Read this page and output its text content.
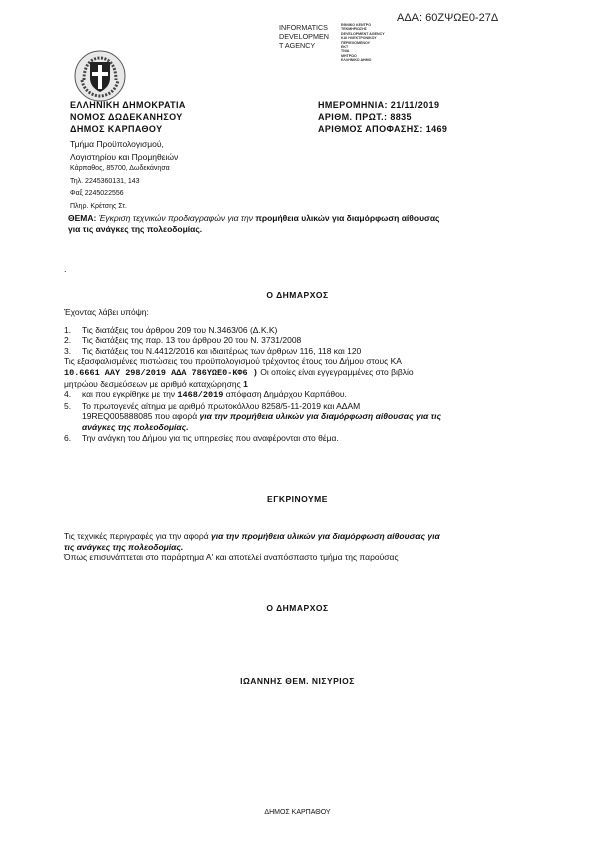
ΑΔΑ: 60ΖΨΩΕ0-27Δ
INFORMATICS
DEVELOPMEN
T AGENCY
ΕΘΝΙΚΟ ΚΕΝΤΡΟ
ΤΕΚΜΗΡΙΩΣΗΣ
DEVELOPMENT AGENCY
ΚΑΙ ΗΛΕΚΤΡΟΝΙΚΟΥ
ΠΕΡΙΕΧΟΜΕΝΟΥ
ΕΚΤ
ΤΝΙΑ
ΜΗΤΡΩΟ
ΕΛΛΗΝΙΚΟ ΔΗΜΟ
ΕΛΛΗΝΙΚΗ ΔΗΜΟΚΡΑΤΙΑ
ΝΟΜΟΣ ΔΩΔΕΚΑΝΗΣΟΥ
ΔΗΜΟΣ ΚΑΡΠΑΘΟΥ
ΗΜΕΡΟΜΗΝΙΑ: 21/11/2019
ΑΡΙΘΜ. ΠΡΩΤ.: 8835
ΑΡΙΘΜΟΣ ΑΠΟΦΑΣΗΣ: 1469
Τμήμα Προϋπολογισμού,
Λογιστηρίου και Προμηθειών
Κάρπαθος, 85700, Δωδεκάνησα
Τηλ. 2245360131, 143
Φαξ 2245022556
Πληρ. Κρέτσης Στ.
ΘΕΜΑ: Έγκριση τεχνικών προδιαγραφών για την προμήθεια υλικών για διαμόρφωση αίθουσας
για τις ανάγκες της πολεοδομίας.
.
Ο ΔΗΜΑΡΧΟΣ
Έχοντας λάβει υπόψη:
1. Τις διατάξεις του άρθρου 209 του Ν.3463/06 (Δ.Κ.Κ)
2. Τις διατάξεις της παρ. 13 του άρθρου 20 του Ν. 3731/2008
3. Τις διατάξεις του Ν.4412/2016 και ιδιαιτέρως των άρθρων 116, 118 και 120
Τις εξασφαλισμένες πιστώσεις του προϋπολογισμού τρέχοντος έτους του Δήμου στους ΚΑ
10.6661 ΑΑΥ 298/2019 ΑΔΑ 786ΥΩΕ0-ΚΦ6 ) Οι οποίες είναι εγγεγραμμένες στο βιβλίο
μητρώου δεσμεύσεων με αριθμό καταχώρησης 1
4. και που εγκρίθηκε με την 1468/2019 απόφαση Δημάρχου Καρπάθου.
5. Το πρωτογενές αίτημα με αριθμό πρωτοκόλλου 8258/5-11-2019 και ΑΔΑΜ
19REQ005888085 που αφορά για την προμήθεια υλικών για διαμόρφωση αίθουσας για τις
ανάγκες της πολεοδομίας.
6. Την ανάγκη του Δήμου για τις υπηρεσίες που αναφέρονται στο θέμα.
ΕΓΚΡΙΝΟΥΜΕ
Τις τεχνικές περιγραφές για την αφορά για την προμήθεια υλικών για διαμόρφωση αίθουσας για
τις ανάγκες της πολεοδομίας.
Όπως επισυνάπτεται στο παράρτημα Α' και αποτελεί αναπόσπαστο τμήμα της παρούσας
Ο ΔΗΜΑΡΧΟΣ
ΙΩΑΝΝΗΣ ΘΕΜ. ΝΙΣΥΡΙΟΣ
ΔΗΜΟΣ ΚΑΡΠΑΘΟΥ
